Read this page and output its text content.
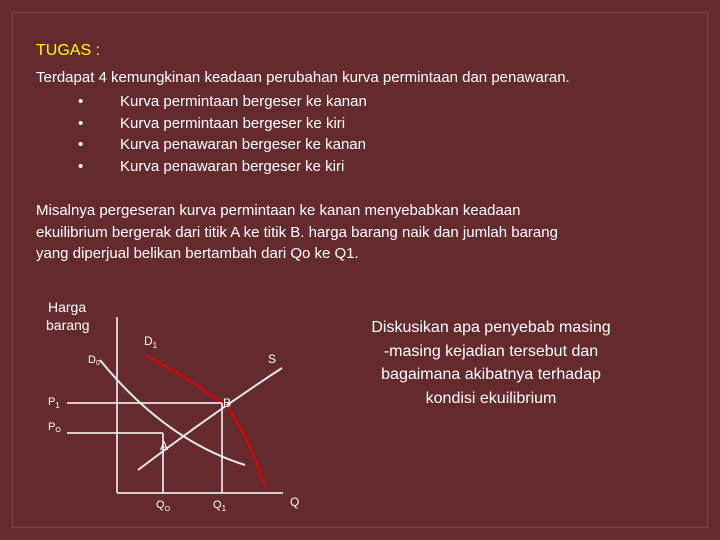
TUGAS :
Terdapat 4 kemungkinan keadaan perubahan kurva permintaan dan penawaran.
•	Kurva permintaan bergeser ke kanan
•	Kurva permintaan bergeser ke kiri
•	Kurva penawaran bergeser ke kanan
•	Kurva penawaran bergeser ke kiri
Misalnya pergeseran kurva permintaan ke kanan menyebabkan keadaan
ekuilibrium bergerak dari titik A ke titik B. harga barang naik dan jumlah barang
yang diperjual belikan bertambah dari Qo ke Q1.
Diskusikan apa penyebab masing
-masing kejadian tersebut dan
bagaimana akibatnya terhadap
kondisi ekuilibrium
Harga
barang
Q
D0
$D_1$
S
$P_1$
PO
B
A
$Q_O$	$Q_1$
